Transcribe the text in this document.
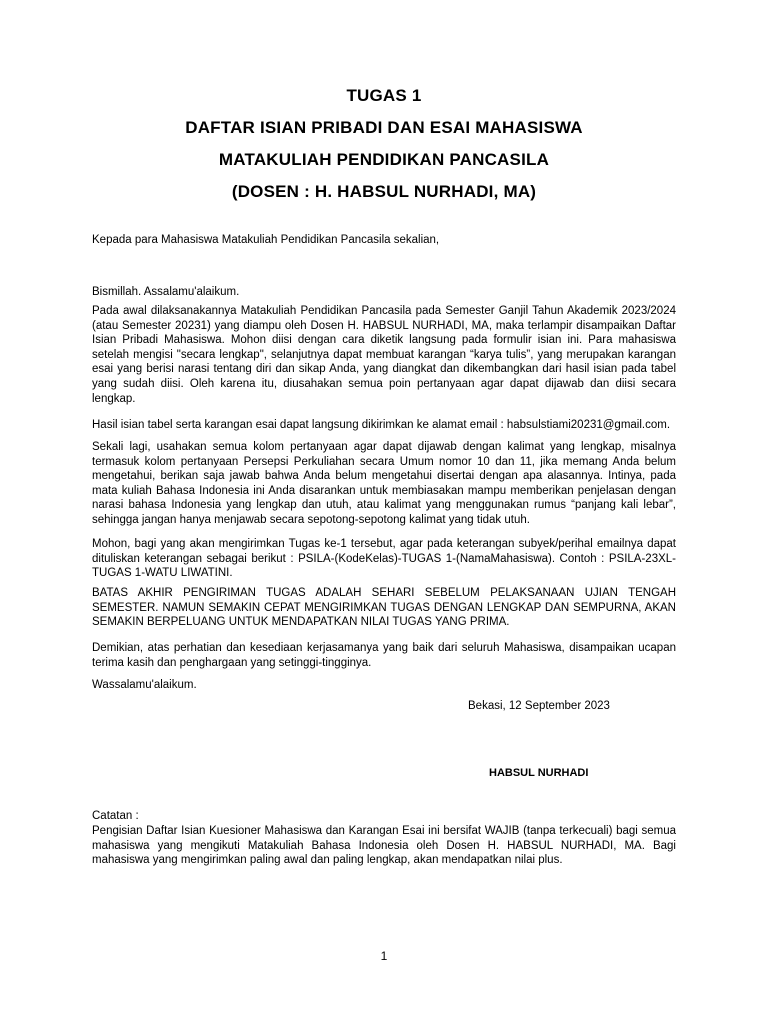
TUGAS 1
DAFTAR ISIAN PRIBADI DAN ESAI MAHASISWA
MATAKULIAH PENDIDIKAN PANCASILA
(DOSEN : H. HABSUL NURHADI, MA)
Kepada para Mahasiswa Matakuliah Pendidikan Pancasila sekalian,
Bismillah. Assalamu'alaikum.
Pada awal dilaksanakannya Matakuliah Pendidikan Pancasila pada Semester Ganjil Tahun Akademik 2023/2024 (atau Semester 20231) yang diampu oleh Dosen H. HABSUL NURHADI, MA, maka terlampir disampaikan Daftar Isian Pribadi Mahasiswa. Mohon diisi dengan cara diketik langsung pada formulir isian ini. Para mahasiswa setelah mengisi "secara lengkap", selanjutnya dapat membuat karangan “karya tulis”, yang merupakan karangan esai yang berisi narasi tentang diri dan sikap Anda, yang diangkat dan dikembangkan dari hasil isian pada tabel yang sudah diisi. Oleh karena itu, diusahakan semua poin pertanyaan agar dapat dijawab dan diisi secara lengkap.
Hasil isian tabel serta karangan esai dapat langsung dikirimkan ke alamat email : habsulstiami20231@gmail.com.
Sekali lagi, usahakan semua kolom pertanyaan agar dapat dijawab dengan kalimat yang lengkap, misalnya termasuk kolom pertanyaan Persepsi Perkuliahan secara Umum nomor 10 dan 11, jika memang Anda belum mengetahui, berikan saja jawab bahwa Anda belum mengetahui disertai dengan apa alasannya. Intinya, pada mata kuliah Bahasa Indonesia ini Anda disarankan untuk membiasakan mampu memberikan penjelasan dengan narasi bahasa Indonesia yang lengkap dan utuh, atau kalimat yang menggunakan rumus “panjang kali lebar”, sehingga jangan hanya menjawab secara sepotong-sepotong kalimat yang tidak utuh.
Mohon, bagi yang akan mengirimkan Tugas ke-1 tersebut, agar pada keterangan subyek/perihal emailnya dapat dituliskan keterangan sebagai berikut : PSILA-(KodeKelas)-TUGAS 1-(NamaMahasiswa). Contoh : PSILA-23XL-TUGAS 1-WATU LIWATINI.
BATAS AKHIR PENGIRIMAN TUGAS ADALAH SEHARI SEBELUM PELAKSANAAN UJIAN TENGAH SEMESTER. NAMUN SEMAKIN CEPAT MENGIRIMKAN TUGAS DENGAN LENGKAP DAN SEMPURNA, AKAN SEMAKIN BERPELUANG UNTUK MENDAPATKAN NILAI TUGAS YANG PRIMA.
Demikian, atas perhatian dan kesediaan kerjasamanya yang baik dari seluruh Mahasiswa, disampaikan ucapan terima kasih dan penghargaan yang setinggi-tingginya.
Wassalamu'alaikum.
Bekasi, 12 September 2023
HABSUL NURHADI
Catatan :
Pengisian Daftar Isian Kuesioner Mahasiswa dan Karangan Esai ini bersifat WAJIB (tanpa terkecuali) bagi semua mahasiswa yang mengikuti Matakuliah Bahasa Indonesia oleh Dosen H. HABSUL NURHADI, MA. Bagi mahasiswa yang mengirimkan paling awal dan paling lengkap, akan mendapatkan nilai plus.
1
